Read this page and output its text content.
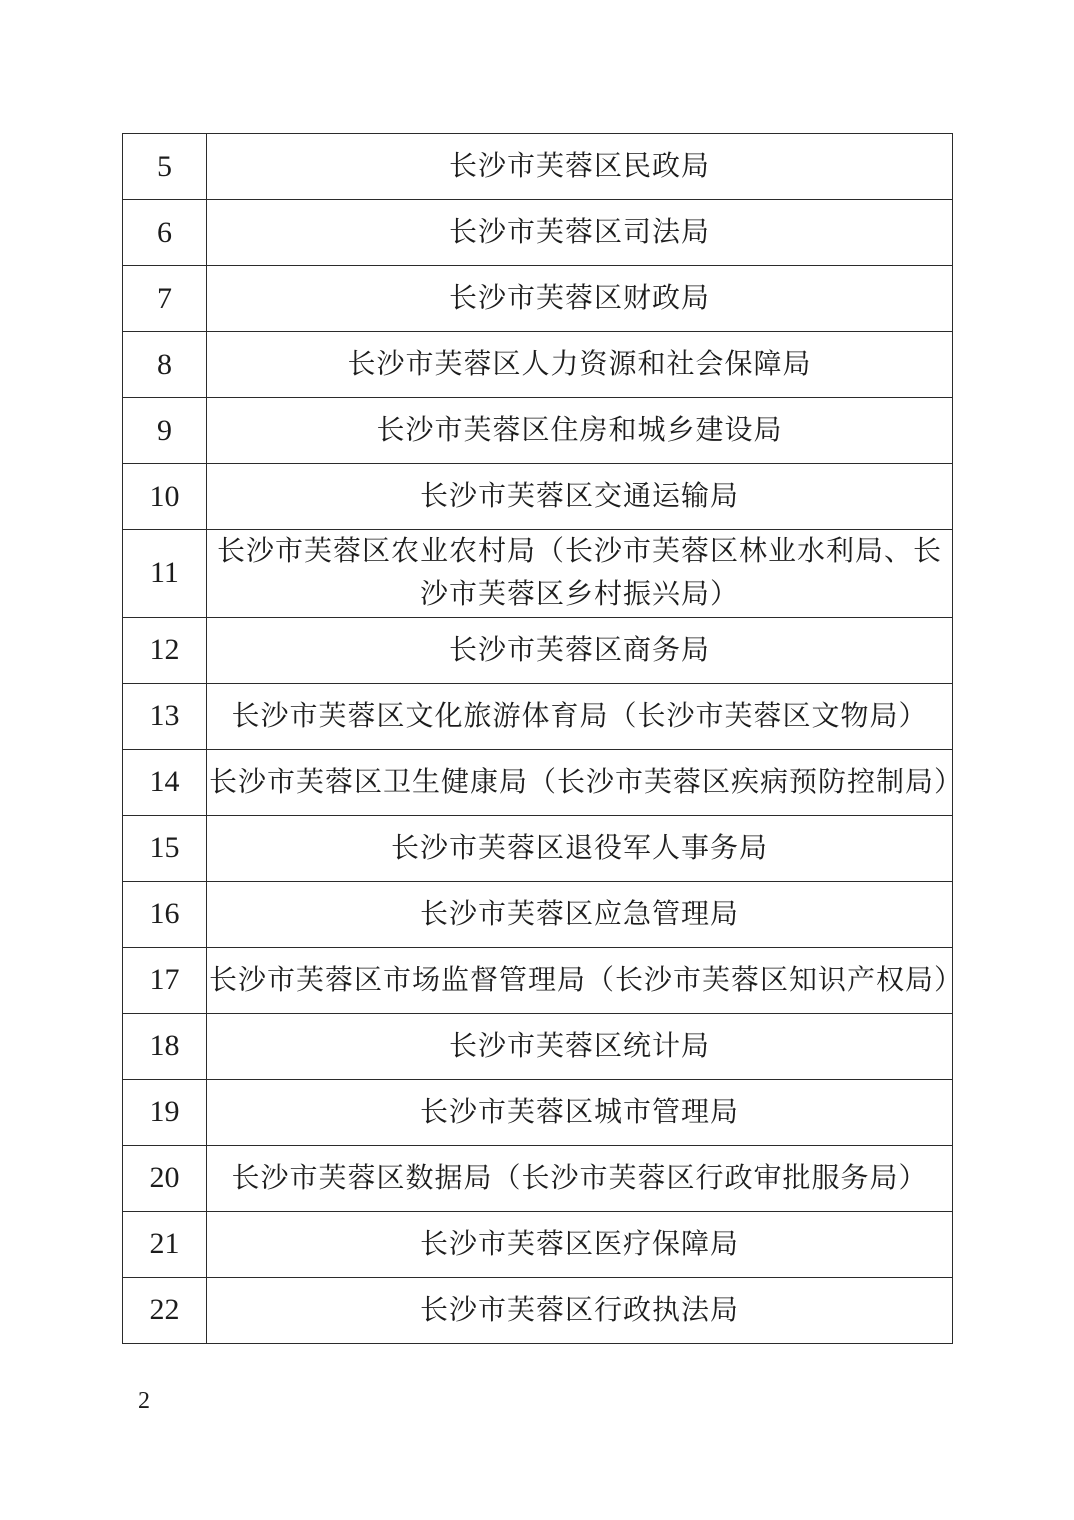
5	长沙市芙蓉区民政局
6	长沙市芙蓉区司法局
7	长沙市芙蓉区财政局
8	长沙市芙蓉区人力资源和社会保障局
9	长沙市芙蓉区住房和城乡建设局
10	长沙市芙蓉区交通运输局
11	长沙市芙蓉区农业农村局（长沙市芙蓉区林业水利局、长沙市芙蓉区乡村振兴局）
12	长沙市芙蓉区商务局
13	长沙市芙蓉区文化旅游体育局（长沙市芙蓉区文物局）
14	长沙市芙蓉区卫生健康局（长沙市芙蓉区疾病预防控制局）
15	长沙市芙蓉区退役军人事务局
16	长沙市芙蓉区应急管理局
17	长沙市芙蓉区市场监督管理局（长沙市芙蓉区知识产权局）
18	长沙市芙蓉区统计局
19	长沙市芙蓉区城市管理局
20	长沙市芙蓉区数据局（长沙市芙蓉区行政审批服务局）
21	长沙市芙蓉区医疗保障局
22	长沙市芙蓉区行政执法局
2
